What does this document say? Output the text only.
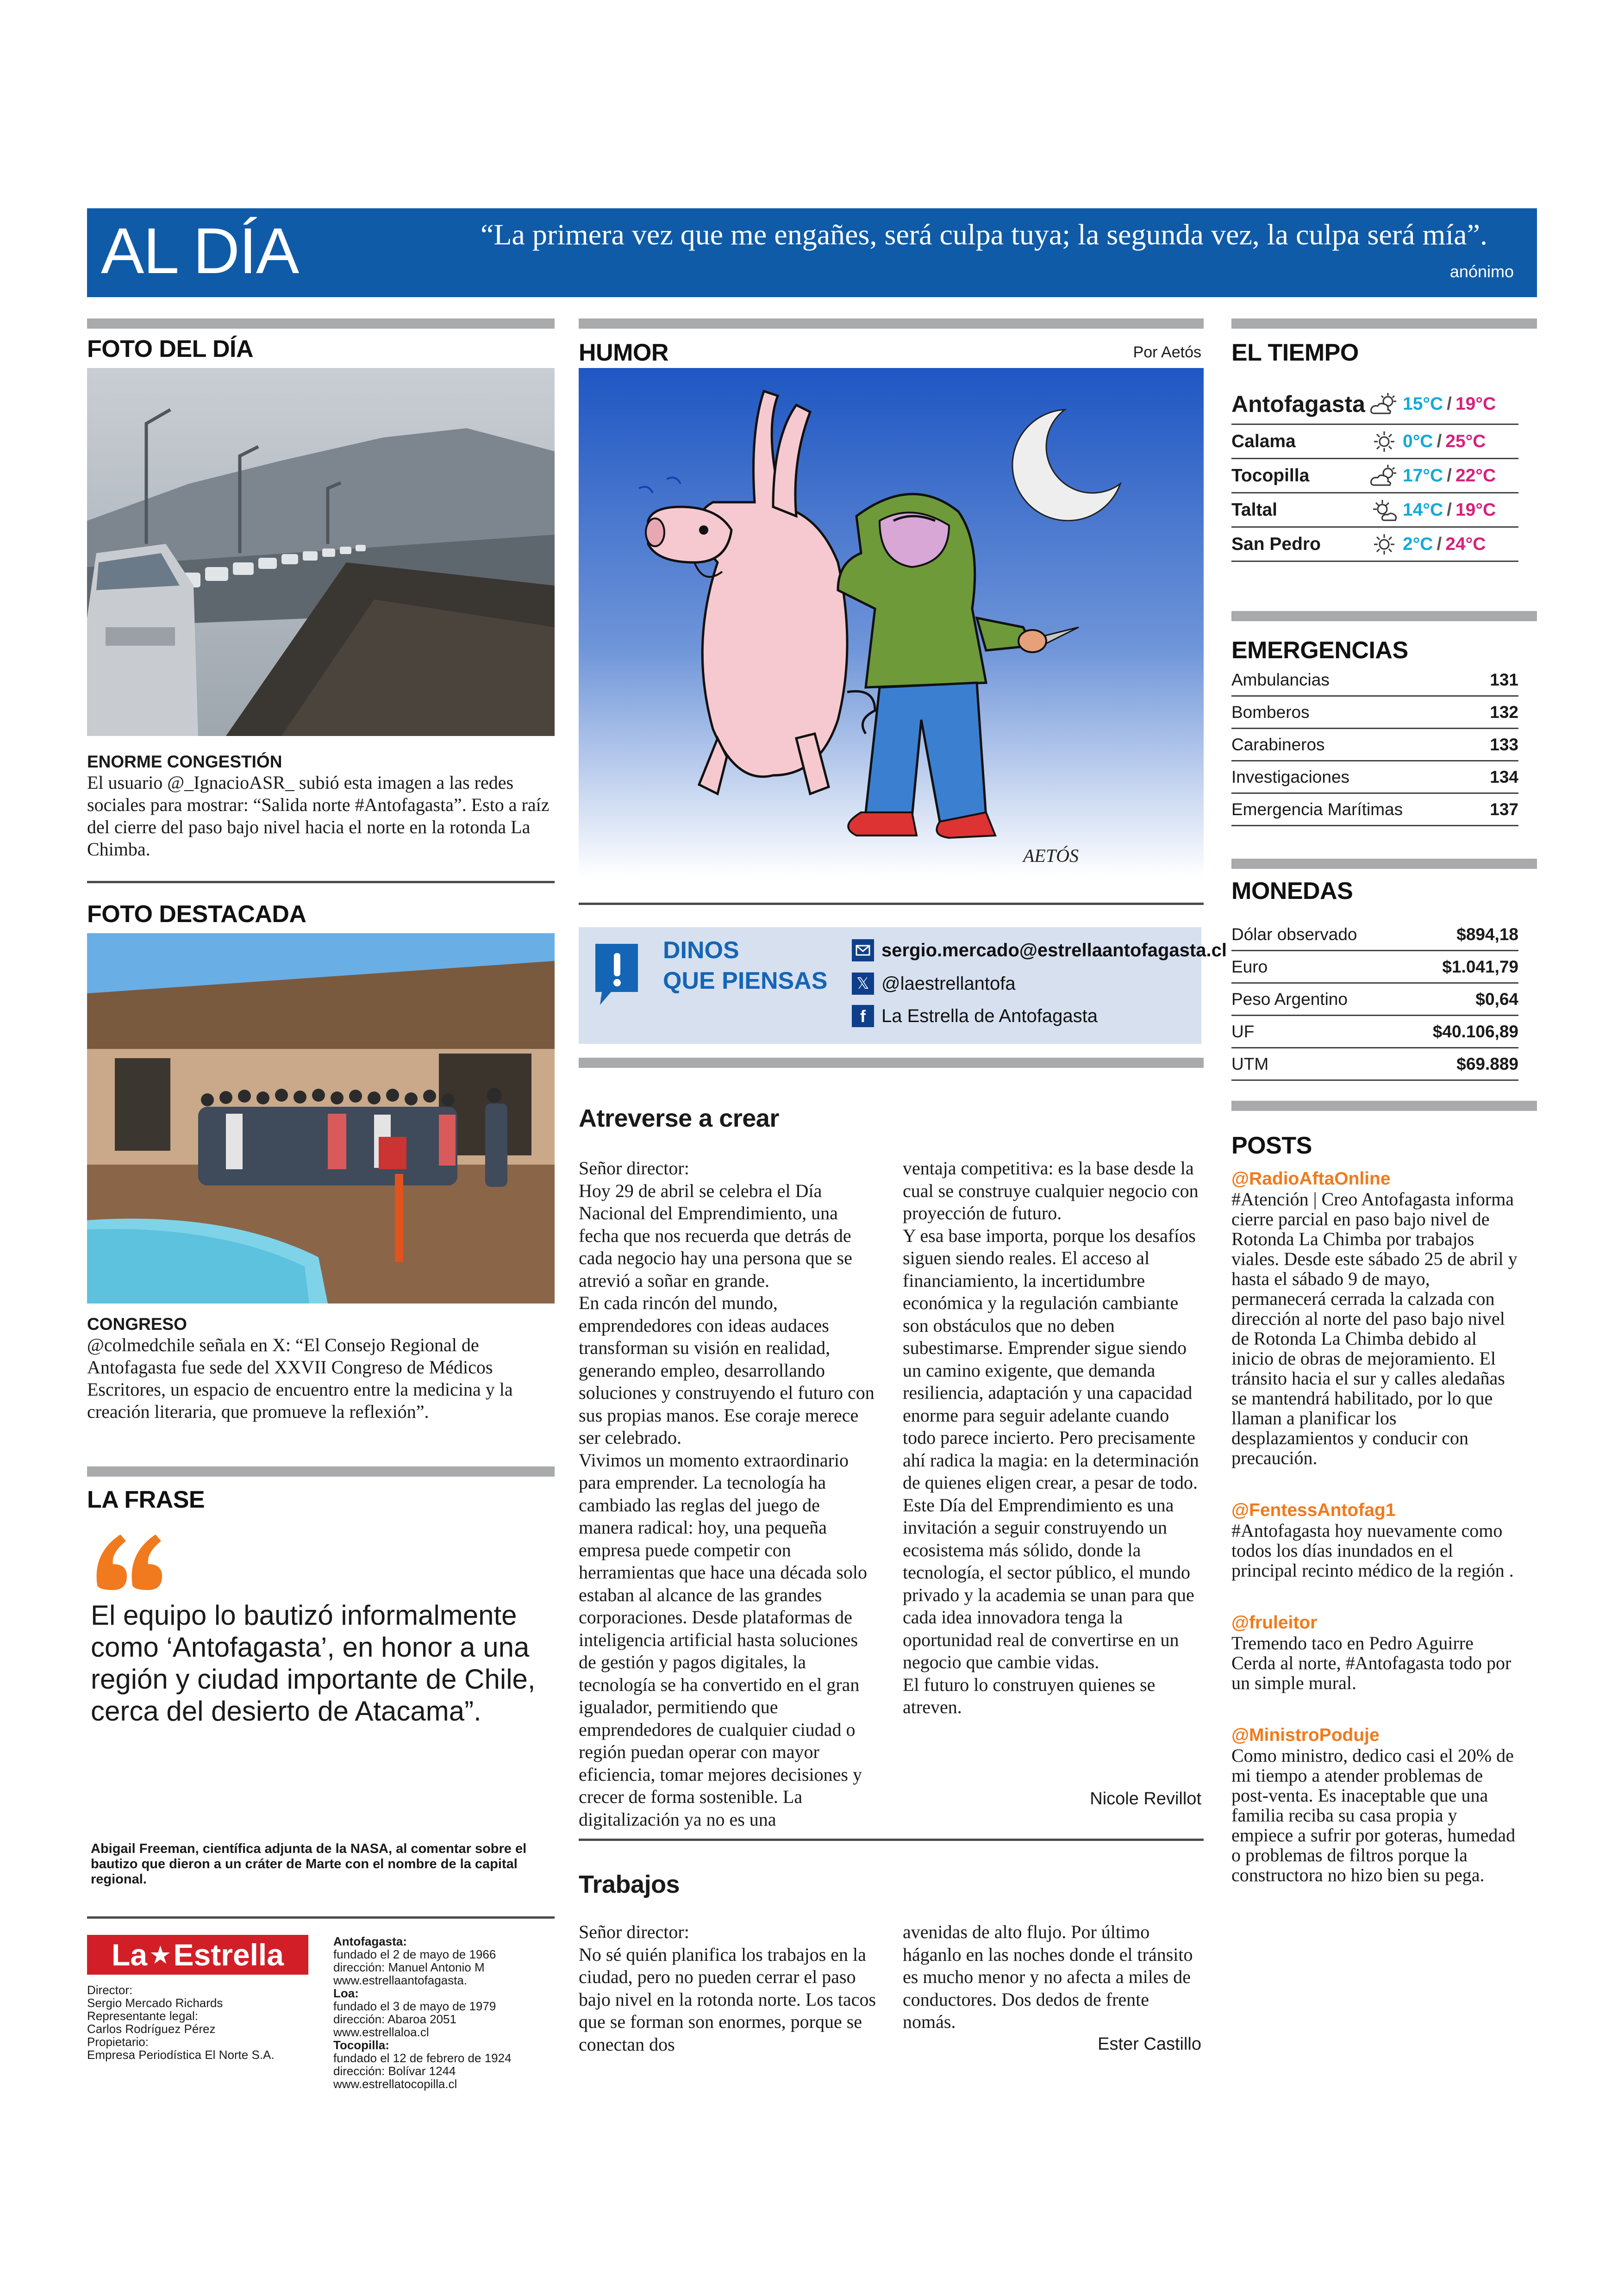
AL DÍA	“La primera vez que me engañes, será culpa tuya; la segunda vez, la culpa será mía”.
anónimo
FOTO DEL DÍA

ENORME CONGESTIÓN

El usuario @_IgnacioASR_ subió esta imagen a las redes sociales para mostrar: “Salida norte #Antofagasta”. Esto a raíz del cierre del paso bajo nivel hacia el norte en la rotonda La Chimba.

FOTO DESTACADA

CONGRESO

@colmedchile señala en X: “El Consejo Regional de Antofagasta fue sede del XXVII Congreso de Médicos Escritores, un espacio de encuentro entre la medicina y la creación literaria, que promueve la reflexión”.

LA FRASE
El equipo lo bautizó informalmente como ‘Antofagasta’, en honor a una región y ciudad importante de Chile, cerca del desierto de Atacama”.
Abigail Freeman, científica adjunta de la NASA, al comentar sobre el bautizo que dieron a un cráter de Marte con el nombre de la capital regional.
La ★ Estrella

Director:

Sergio Mercado Richards

Representante legal:

Carlos Rodríguez Pérez

Propietario:

Empresa Periodística El Norte S.A.

Antofagasta:

fundado el 2 de mayo de 1966

dirección: Manuel Antonio M

www.estrellaantofagasta.

Loa:

fundado el 3 de mayo de 1979

dirección: Abaroa 2051

www.estrellaloa.cl

Tocopilla:

fundado el 12 de febrero de 1924

dirección: Bolívar 1244

www.estrellatocopilla.cl

HUMOR	Por Aetós
AETÓS
DINOS
QUE PIENSAS
sergio.mercado@estrellaantofagasta.cl
𝕏 @laestrellantofa
f La Estrella de Antofagasta
Atreverse a crear

Señor director:
Hoy 29 de abril se celebra el Día Nacional del Emprendimiento, una fecha que nos recuerda que detrás de cada negocio hay una persona que se atrevió a soñar en grande.
En cada rincón del mundo, emprendedores con ideas audaces transforman su visión en realidad, generando empleo, desarrollando soluciones y construyendo el futuro con sus propias manos. Ese coraje merece ser celebrado.
Vivimos un momento extraordinario para emprender. La tecnología ha cambiado las reglas del juego de manera radical: hoy, una pequeña empresa puede competir con herramientas que hace una década solo estaban al alcance de las grandes corporaciones. Desde plataformas de inteligencia artificial hasta soluciones de gestión y pagos digitales, la tecnología se ha convertido en el gran igualador, permitiendo que emprendedores de cualquier ciudad o región puedan operar con mayor eficiencia, tomar mejores decisiones y crecer de forma sostenible. La digitalización ya no es una

ventaja competitiva: es la base desde la cual se construye cualquier negocio con proyección de futuro.
Y esa base importa, porque los desafíos siguen siendo reales. El acceso al financiamiento, la incertidumbre económica y la regulación cambiante son obstáculos que no deben subestimarse. Emprender sigue siendo un camino exigente, que demanda resiliencia, adaptación y una capacidad enorme para seguir adelante cuando todo parece incierto. Pero precisamente ahí radica la magia: en la determinación de quienes eligen crear, a pesar de todo.
Este Día del Emprendimiento es una invitación a seguir construyendo un ecosistema más sólido, donde la tecnología, el sector público, el mundo privado y la academia se unan para que cada idea innovadora tenga la oportunidad real de convertirse en un negocio que cambie vidas.
El futuro lo construyen quienes se atreven.

Nicole Revillot
Trabajos

Señor director:
No sé quién planifica los trabajos en la ciudad, pero no pueden cerrar el paso bajo nivel en la rotonda norte. Los tacos que se forman son enormes, porque se conectan dos

avenidas de alto flujo. Por último háganlo en las noches donde el tránsito es mucho menor y no afecta a miles de conductores. Dos dedos de frente nomás.

Ester Castillo
EL TIEMPO
Antofagasta 15°C / 19°C
Calama	0°C / 25°C
Tocopilla	17°C / 22°C
Taltal	14°C / 19°C
San Pedro	2°C / 24°C
EMERGENCIAS
Ambulancias	131
Bomberos	132
Carabineros	133
Investigaciones	134
Emergencia Marítimas	137
MONEDAS
Dólar observado	$894,18
Euro	$1.041,79
Peso Argentino	$0,64
UF	$40.106,89
UTM	$69.889
POSTS

@RadioAftaOnline

#Atención | Creo Antofagasta informa cierre parcial en paso bajo nivel de Rotonda La Chimba por trabajos viales. Desde este sábado 25 de abril y hasta el sábado 9 de mayo, permanecerá cerrada la calzada con dirección al norte del paso bajo nivel de Rotonda La Chimba debido al inicio de obras de mejoramiento. El tránsito hacia el sur y calles aledañas se mantendrá habilitado, por lo que llaman a planificar los desplazamientos y conducir con precaución.

@FentessAntofag1

#Antofagasta hoy nuevamente como todos los días inundados en el principal recinto médico de la región .

@fruleitor

Tremendo taco en Pedro Aguirre Cerda al norte, #Antofagasta todo por un simple mural.

@MinistroPoduje

Como ministro, dedico casi el 20% de mi tiempo a atender problemas de post-venta. Es inaceptable que una familia reciba su casa propia y empiece a sufrir por goteras, humedad o problemas de filtros porque la constructora no hizo bien su pega.
